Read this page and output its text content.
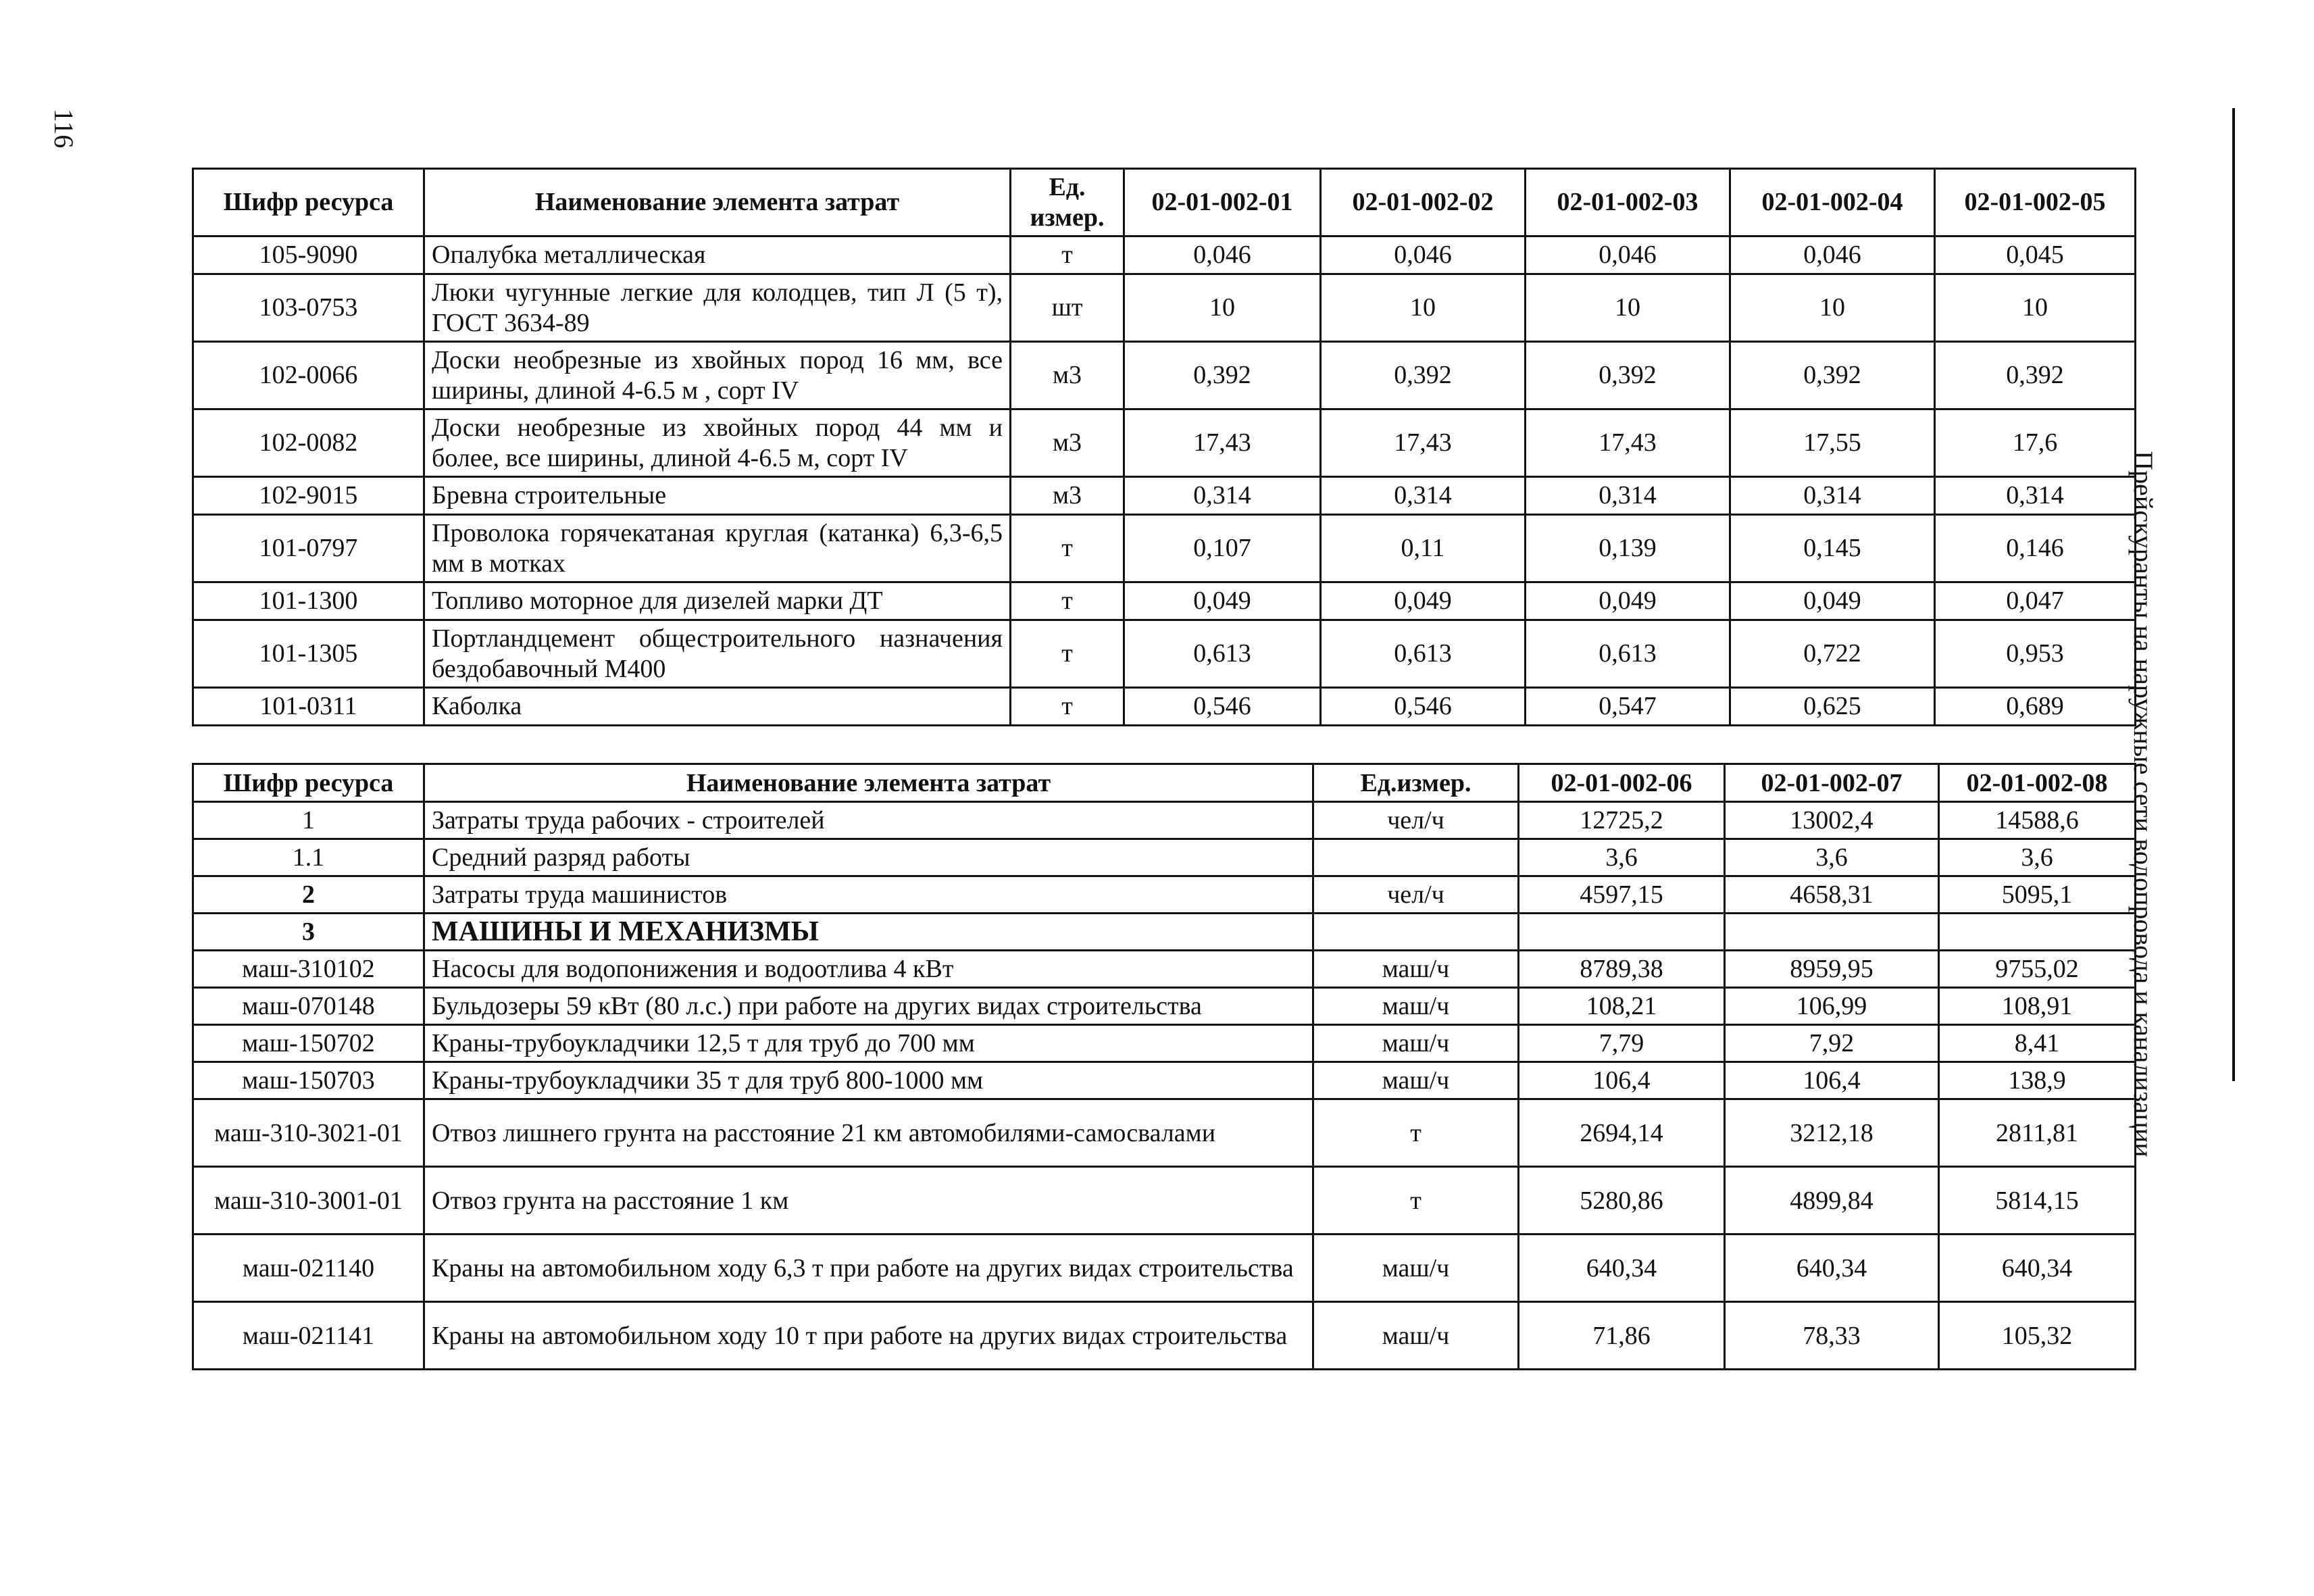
116
Прейскуранты на наружные сети водопровода и канализации
Шифр ресурса	Наименование элемента затрат	Ед. измер.	02-01-002-01	02-01-002-02	02-01-002-03	02-01-002-04	02-01-002-05
105-9090	Опалубка металлическая	т	0,046	0,046	0,046	0,046	0,045
103-0753	Люки чугунные легкие для колодцев, тип Л (5 т), ГОСТ 3634-89	шт	10	10	10	10	10
102-0066	Доски необрезные из хвойных пород 16 мм, все ширины, длиной 4-6.5 м , сорт IV	м3	0,392	0,392	0,392	0,392	0,392
102-0082	Доски необрезные из хвойных пород 44 мм и более, все ширины, длиной 4-6.5 м, сорт IV	м3	17,43	17,43	17,43	17,55	17,6
102-9015	Бревна строительные	м3	0,314	0,314	0,314	0,314	0,314
101-0797	Проволока горячекатаная круглая (катанка) 6,3-6,5 мм в мотках	т	0,107	0,11	0,139	0,145	0,146
101-1300	Топливо моторное для дизелей марки ДТ	т	0,049	0,049	0,049	0,049	0,047
101-1305	Портландцемент общестроительного назначения бездобавочный М400	т	0,613	0,613	0,613	0,722	0,953
101-0311	Каболка	т	0,546	0,546	0,547	0,625	0,689
Шифр ресурса	Наименование элемента затрат	Ед.измер.	02-01-002-06	02-01-002-07	02-01-002-08
1	Затраты труда рабочих - строителей	чел/ч	12725,2	13002,4	14588,6
1.1	Средний разряд работы		3,6	3,6	3,6
2	Затраты труда машинистов	чел/ч	4597,15	4658,31	5095,1
3	МАШИНЫ И МЕХАНИЗМЫ				
маш-310102	Насосы для водопонижения и водоотлива 4 кВт	маш/ч	8789,38	8959,95	9755,02
маш-070148	Бульдозеры 59 кВт (80 л.с.) при работе на других видах строительства	маш/ч	108,21	106,99	108,91
маш-150702	Краны-трубоукладчики 12,5 т для труб до 700 мм	маш/ч	7,79	7,92	8,41
маш-150703	Краны-трубоукладчики 35 т для труб 800-1000 мм	маш/ч	106,4	106,4	138,9
маш-310-3021-01	Отвоз лишнего грунта на расстояние 21 км автомобилями-самосвалами	т	2694,14	3212,18	2811,81
маш-310-3001-01	Отвоз грунта на расстояние 1 км	т	5280,86	4899,84	5814,15
маш-021140	Краны на автомобильном ходу 6,3 т при работе на других видах строительства	маш/ч	640,34	640,34	640,34
маш-021141	Краны на автомобильном ходу 10 т при работе на других видах строительства	маш/ч	71,86	78,33	105,32
